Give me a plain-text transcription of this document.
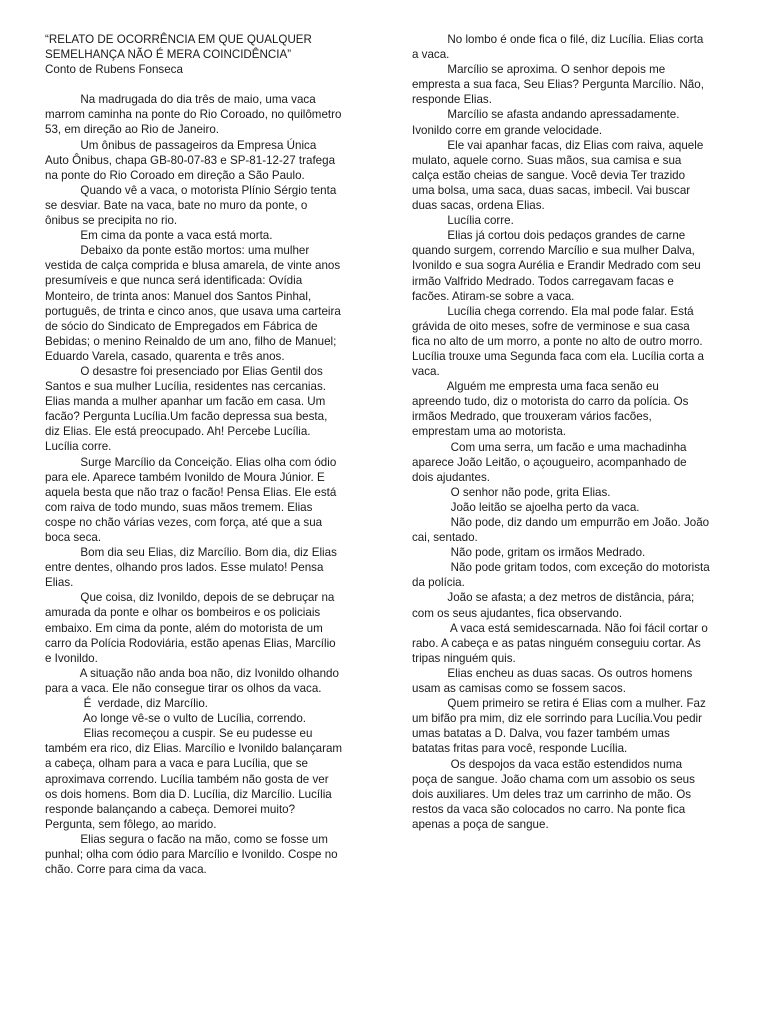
“RELATO DE OCORRÊNCIA EM QUE QUALQUER
SEMELHANÇA NÃO É MERA COINCIDÊNCIA”
Conto de Rubens Fonseca
Na madrugada do dia três de maio, uma vaca
marrom caminha na ponte do Rio Coroado, no quilômetro
53, em direção ao Rio de Janeiro.
Um ônibus de passageiros da Empresa Única
Auto Ônibus, chapa GB-80-07-83 e SP-81-12-27 trafega
na ponte do Rio Coroado em direção a São Paulo.
Quando vê a vaca, o motorista Plínio Sérgio tenta
se desviar. Bate na vaca, bate no muro da ponte, o
ônibus se precipita no rio.
Em cima da ponte a vaca está morta.
Debaixo da ponte estão mortos: uma mulher
vestida de calça comprida e blusa amarela, de vinte anos
presumíveis e que nunca será identificada: Ovídia
Monteiro, de trinta anos: Manuel dos Santos Pinhal,
português, de trinta e cinco anos, que usava uma carteira
de sócio do Sindicato de Empregados em Fábrica de
Bebidas; o menino Reinaldo de um ano, filho de Manuel;
Eduardo Varela, casado, quarenta e três anos.
O desastre foi presenciado por Elias Gentil dos
Santos e sua mulher Lucília, residentes nas cercanias.
Elias manda a mulher apanhar um facão em casa. Um
facão? Pergunta Lucília.Um facão depressa sua besta,
diz Elias. Ele está preocupado. Ah! Percebe Lucília.
Lucília corre.
Surge Marcílio da Conceição. Elias olha com ódio
para ele. Aparece também Ivonildo de Moura Júnior. E
aquela besta que não traz o facão! Pensa Elias. Ele está
com raiva de todo mundo, suas mãos tremem. Elias
cospe no chão várias vezes, com força, até que a sua
boca seca.
Bom dia seu Elias, diz Marcílio. Bom dia, diz Elias
entre dentes, olhando pros lados. Esse mulato! Pensa
Elias.
Que coisa, diz Ivonildo, depois de se debruçar na
amurada da ponte e olhar os bombeiros e os policiais
embaixo. Em cima da ponte, além do motorista de um
carro da Polícia Rodoviária, estão apenas Elias, Marcílio
e Ivonildo.
A situação não anda boa não, diz Ivonildo olhando
para a vaca. Ele não consegue tirar os olhos da vaca.
É  verdade, diz Marcílio.
Ao longe vê-se o vulto de Lucília, correndo.
Elias recomeçou a cuspir. Se eu pudesse eu
também era rico, diz Elias. Marcílio e Ivonildo balançaram
a cabeça, olham para a vaca e para Lucília, que se
aproximava correndo. Lucília também não gosta de ver
os dois homens. Bom dia D. Lucília, diz Marcílio. Lucília
responde balançando a cabeça. Demorei muito?
Pergunta, sem fôlego, ao marido.
Elias segura o facão na mão, como se fosse um
punhal; olha com ódio para Marcílio e Ivonildo. Cospe no
chão. Corre para cima da vaca.
No lombo é onde fica o filé, diz Lucília. Elias corta
a vaca.
Marcílio se aproxima. O senhor depois me
empresta a sua faca, Seu Elias? Pergunta Marcílio. Não,
responde Elias.
Marcílio se afasta andando apressadamente.
Ivonildo corre em grande velocidade.
Ele vai apanhar facas, diz Elias com raiva, aquele
mulato, aquele corno. Suas mãos, sua camisa e sua
calça estão cheias de sangue. Você devia Ter trazido
uma bolsa, uma saca, duas sacas, imbecil. Vai buscar
duas sacas, ordena Elias.
Lucília corre.
Elias já cortou dois pedaços grandes de carne
quando surgem, correndo Marcílio e sua mulher Dalva,
Ivonildo e sua sogra Aurélia e Erandir Medrado com seu
irmão Valfrido Medrado. Todos carregavam facas e
facões. Atiram-se sobre a vaca.
Lucília chega correndo. Ela mal pode falar. Está
grávida de oito meses, sofre de verminose e sua casa
fica no alto de um morro, a ponte no alto de outro morro.
Lucília trouxe uma Segunda faca com ela. Lucília corta a
vaca.
Alguém me empresta uma faca senão eu
apreendo tudo, diz o motorista do carro da polícia. Os
irmãos Medrado, que trouxeram vários facões,
emprestam uma ao motorista.
Com uma serra, um facão e uma machadinha
aparece João Leitão, o açougueiro, acompanhado de
dois ajudantes.
O senhor não pode, grita Elias.
João leitão se ajoelha perto da vaca.
Não pode, diz dando um empurrão em João. João
cai, sentado.
Não pode, gritam os irmãos Medrado.
Não pode gritam todos, com exceção do motorista
da polícia.
João se afasta; a dez metros de distância, pára;
com os seus ajudantes, fica observando.
A vaca está semidescarnada. Não foi fácil cortar o
rabo. A cabeça e as patas ninguém conseguiu cortar. As
tripas ninguém quis.
Elias encheu as duas sacas. Os outros homens
usam as camisas como se fossem sacos.
Quem primeiro se retira é Elias com a mulher. Faz
um bifão pra mim, diz ele sorrindo para Lucília.Vou pedir
umas batatas a D. Dalva, vou fazer também umas
batatas fritas para você, responde Lucília.
Os despojos da vaca estão estendidos numa
poça de sangue. João chama com um assobio os seus
dois auxiliares. Um deles traz um carrinho de mão. Os
restos da vaca são colocados no carro. Na ponte fica
apenas a poça de sangue.
